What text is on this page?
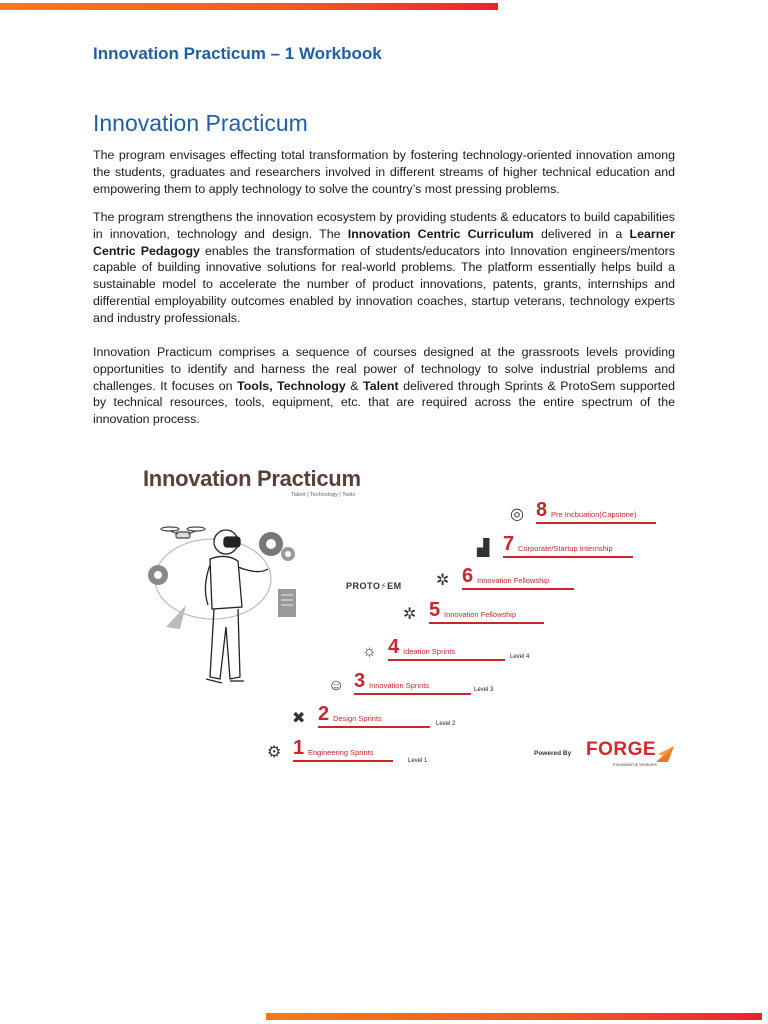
Innovation Practicum – 1 Workbook
Innovation Practicum
The program envisages effecting total transformation by fostering technology-oriented innovation among the students, graduates and researchers involved in different streams of higher technical education and empowering them to apply technology to solve the country’s most pressing problems.
The program strengthens the innovation ecosystem by providing students & educators to build capabilities in innovation, technology and design. The Innovation Centric Curriculum delivered in a Learner Centric Pedagogy enables the transformation of students/educators into Innovation engineers/mentors capable of building innovative solutions for real-world problems. The platform essentially helps build a sustainable model to accelerate the number of product innovations, patents, grants, internships and differential employability outcomes enabled by innovation coaches, startup veterans, technology experts and industry professionals.
Innovation Practicum comprises a sequence of courses designed at the grassroots levels providing opportunities to identify and harness the real power of technology to solve industrial problems and challenges. It focuses on Tools, Technology & Talent delivered through Sprints & ProtoSem supported by technical resources, tools, equipment, etc. that are required across the entire spectrum of the innovation process.
Innovation Practicum
Talent | Technology | Tools
PROTO⚡EM
⚙ 1 Engineering Sprints
Level 1
✖ 2 Design Sprints
Level 2
☺ 3 Innovation Sprints	Level 3
☼ 4 Ideation Sprints
Level 4
✲ 5 Innovation Fellowship
✲ 6 Innovation Fellowship
▟ 7 Corporate/Startup Internship
◎ 8 Pre Incbuation(Capstone)
Powered By FORGE
Innovation & Ventures
